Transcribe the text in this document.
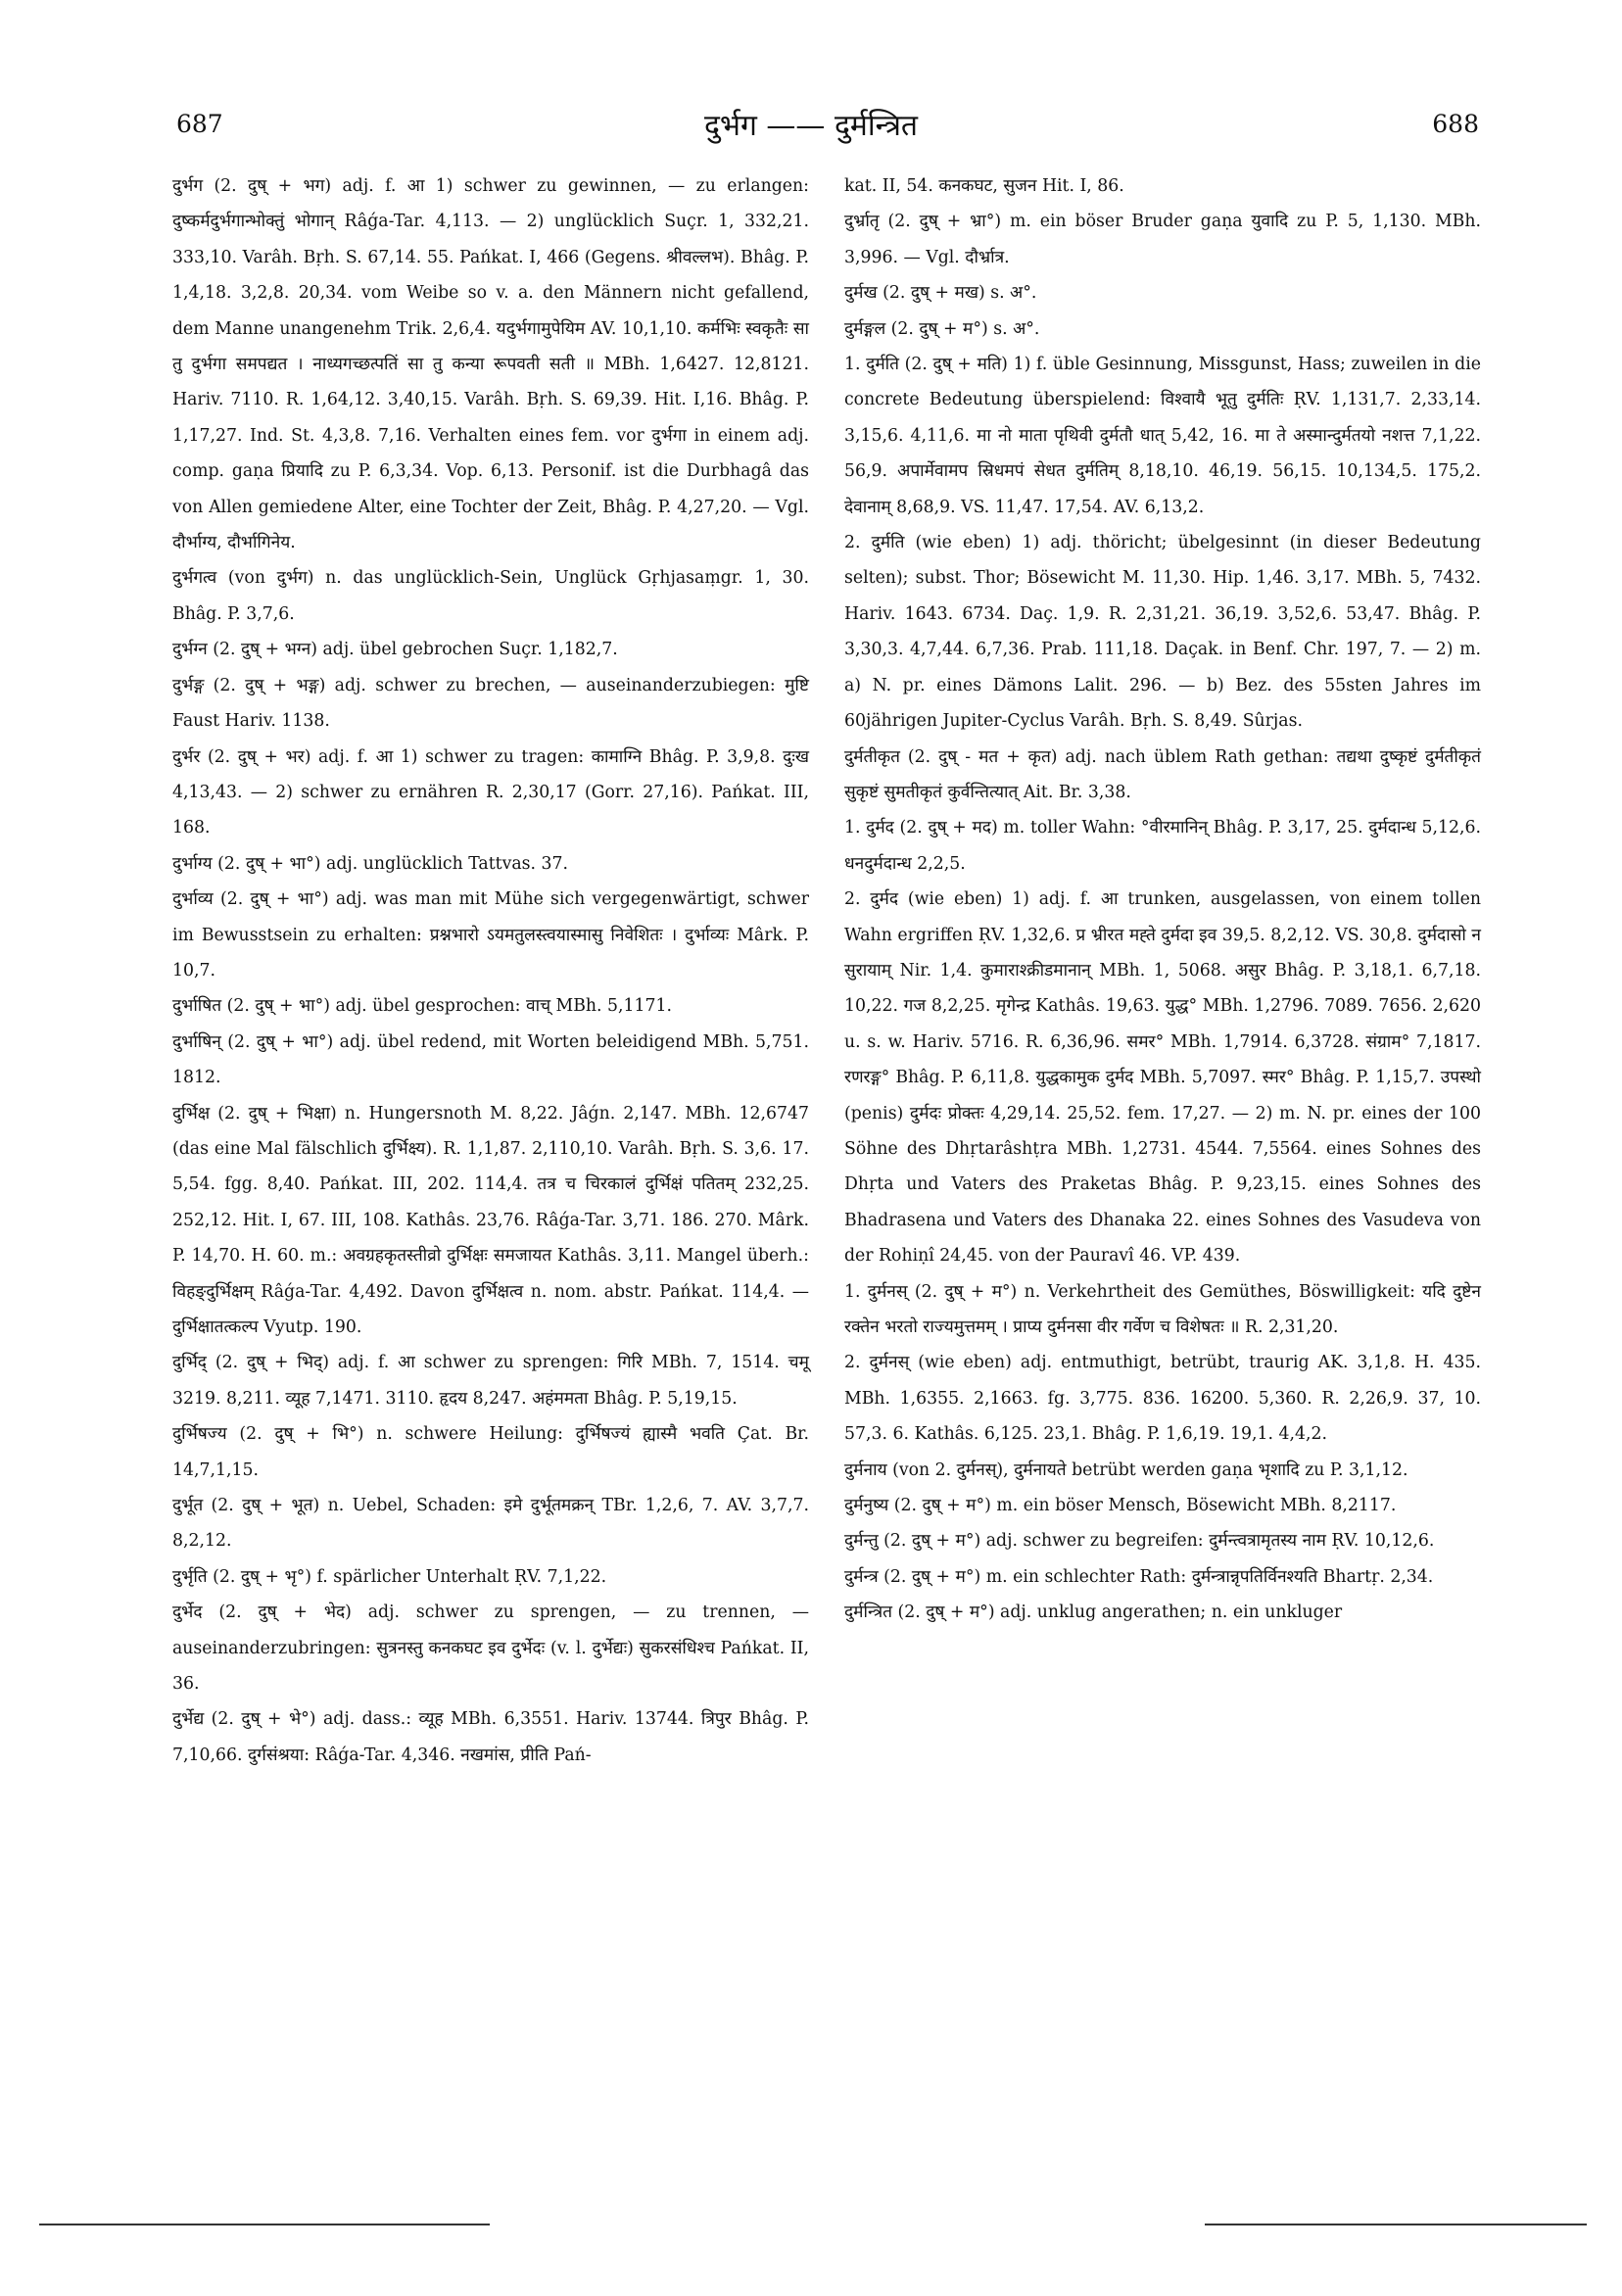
687	दुर्भग —— दुर्मन्त्रित	688

दुर्भग (2. दुष् + भग) adj. f. आ 1) schwer zu gewinnen, — zu erlangen: दुष्कर्मदुर्भगान्भोक्तुं भोगान् Râǵa-Tar. 4,113. — 2) unglücklich Suçr. 1, 332,21. 333,10. Varâh. Bṛh. S. 67,14. 55. Pańkat. I, 466 (Gegens. श्रीवल्लभ). Bhâg. P. 1,4,18. 3,2,8. 20,34. vom Weibe so v. a. den Männern nicht gefallend, dem Manne unangenehm Trik. 2,6,4. यदुर्भगामुपेयिम AV. 10,1,10. कर्मभिः स्वकृतैः सा तु दुर्भगा समपद्यत । नाध्यगच्छत्पतिं सा तु कन्या रूपवती सती ॥ MBh. 1,6427. 12,8121. Hariv. 7110. R. 1,64,12. 3,40,15. Varâh. Bṛh. S. 69,39. Hit. I,16. Bhâg. P. 1,17,27. Ind. St. 4,3,8. 7,16. Verhalten eines fem. vor दुर्भगा in einem adj. comp. gaṇa प्रियादि zu P. 6,3,34. Vop. 6,13. Personif. ist die Durbhagâ das von Allen gemiedene Alter, eine Tochter der Zeit, Bhâg. P. 4,27,20. — Vgl. दौर्भाग्य, दौर्भागिनेय.

दुर्भगत्व (von दुर्भग) n. das unglücklich-Sein, Unglück Gṛhjasaṃgr. 1, 30. Bhâg. P. 3,7,6.

दुर्भग्न (2. दुष् + भग्न) adj. übel gebrochen Suçr. 1,182,7.

दुर्भङ्ग (2. दुष् + भङ्ग) adj. schwer zu brechen, — auseinanderzubiegen: मुष्टि Faust Hariv. 1138.

दुर्भर (2. दुष् + भर) adj. f. आ 1) schwer zu tragen: कामाग्नि Bhâg. P. 3,9,8. दुःख 4,13,43. — 2) schwer zu ernähren R. 2,30,17 (Gorr. 27,16). Pańkat. III, 168.

दुर्भाग्य (2. दुष् + भा°) adj. unglücklich Tattvas. 37.

दुर्भाव्य (2. दुष् + भा°) adj. was man mit Mühe sich vergegenwärtigt, schwer im Bewusstsein zu erhalten: प्रश्नभारो ऽयमतुलस्त्वयास्मासु निवेशितः । दुर्भाव्यः Mârk. P. 10,7.

दुर्भाषित (2. दुष् + भा°) adj. übel gesprochen: वाच् MBh. 5,1171.

दुर्भाषिन् (2. दुष् + भा°) adj. übel redend, mit Worten beleidigend MBh. 5,751. 1812.

दुर्भिक्ष (2. दुष् + भिक्षा) n. Hungersnoth M. 8,22. Jâǵn. 2,147. MBh. 12,6747 (das eine Mal fälschlich दुर्भिक्ष्य). R. 1,1,87. 2,110,10. Varâh. Bṛh. S. 3,6. 17. 5,54. fgg. 8,40. Pańkat. III, 202. 114,4. तत्र च चिरकालं दुर्भिक्षं पतितम् 232,25. 252,12. Hit. I, 67. III, 108. Kathâs. 23,76. Râǵa-Tar. 3,71. 186. 270. Mârk. P. 14,70. H. 60. m.: अवग्रहकृतस्तीव्रो दुर्भिक्षः समजायत Kathâs. 3,11. Mangel überh.: विहङ्दुर्भिक्षम् Râǵa-Tar. 4,492. Davon दुर्भिक्षत्व n. nom. abstr. Pańkat. 114,4. — दुर्भिक्षातत्कल्प Vyutp. 190.

दुर्भिद् (2. दुष् + भिद्) adj. f. आ schwer zu sprengen: गिरि MBh. 7, 1514. चमू 3219. 8,211. व्यूह 7,1471. 3110. हृदय 8,247. अहंममता Bhâg. P. 5,19,15.

दुर्भिषज्य (2. दुष् + भि°) n. schwere Heilung: दुर्भिषज्यं ह्यास्मै भवति Çat. Br. 14,7,1,15.

दुर्भूत (2. दुष् + भूत) n. Uebel, Schaden: इमे दुर्भूतमक्रन् TBr. 1,2,6, 7. AV. 3,7,7. 8,2,12.

दुर्भृति (2. दुष् + भृ°) f. spärlicher Unterhalt ṚV. 7,1,22.

दुर्भेद (2. दुष् + भेद) adj. schwer zu sprengen, — zu trennen, — auseinanderzubringen: सुत्रनस्तु कनकघट इव दुर्भेदः (v. l. दुर्भेद्यः) सुकरसंधिश्च Pańkat. II, 36.

दुर्भेद्य (2. दुष् + भे°) adj. dass.: व्यूह MBh. 6,3551. Hariv. 13744. त्रिपुर Bhâg. P. 7,10,66. दुर्गसंश्रया: Râǵa-Tar. 4,346. नखमांस, प्रीति Pań-

kat. II, 54. कनकघट, सुजन Hit. I, 86.

दुर्भ्रातृ (2. दुष् + भ्रा°) m. ein böser Bruder gaṇa युवादि zu P. 5, 1,130. MBh. 3,996. — Vgl. दौर्भ्रात्र.

दुर्मख (2. दुष् + मख) s. अ°.

दुर्मङ्गल (2. दुष् + म°) s. अ°.

1. दुर्मति (2. दुष् + मति) 1) f. üble Gesinnung, Missgunst, Hass; zuweilen in die concrete Bedeutung überspielend: विश्वायै भूतु दुर्मतिः ṚV. 1,131,7. 2,33,14. 3,15,6. 4,11,6. मा नो माता पृथिवी दुर्मतौ धात् 5,42, 16. मा ते अस्मान्दुर्मतयो नशत्त 7,1,22. 56,9. अपार्मेवामप स्रिधमपं सेधत दुर्मतिम् 8,18,10. 46,19. 56,15. 10,134,5. 175,2. देवानाम् 8,68,9. VS. 11,47. 17,54. AV. 6,13,2.

2. दुर्मति (wie eben) 1) adj. thöricht; übelgesinnt (in dieser Bedeutung selten); subst. Thor; Bösewicht M. 11,30. Hip. 1,46. 3,17. MBh. 5, 7432. Hariv. 1643. 6734. Daç. 1,9. R. 2,31,21. 36,19. 3,52,6. 53,47. Bhâg. P. 3,30,3. 4,7,44. 6,7,36. Prab. 111,18. Daçak. in Benf. Chr. 197, 7. — 2) m. a) N. pr. eines Dämons Lalit. 296. — b) Bez. des 55sten Jahres im 60jährigen Jupiter-Cyclus Varâh. Bṛh. S. 8,49. Sûrjas.

दुर्मतीकृत (2. दुष् - मत + कृत) adj. nach üblem Rath gethan: तद्यथा दुष्कृष्टं दुर्मतीकृतं सुकृष्टं सुमतीकृतं कुर्वन्तित्यात् Ait. Br. 3,38.

1. दुर्मद (2. दुष् + मद) m. toller Wahn: °वीरमानिन् Bhâg. P. 3,17, 25. दुर्मदान्ध 5,12,6. धनदुर्मदान्ध 2,2,5.

2. दुर्मद (wie eben) 1) adj. f. आ trunken, ausgelassen, von einem tollen Wahn ergriffen ṚV. 1,32,6. प्र भ्रीरत मह्ते दुर्मदा इव 39,5. 8,2,12. VS. 30,8. दुर्मदासो न सुरायाम् Nir. 1,4. कुमाराश्क्रीडमानान् MBh. 1, 5068. असुर Bhâg. P. 3,18,1. 6,7,18. 10,22. गज 8,2,25. मृगेन्द्र Kathâs. 19,63. युद्ध° MBh. 1,2796. 7089. 7656. 2,620 u. s. w. Hariv. 5716. R. 6,36,96. समर° MBh. 1,7914. 6,3728. संग्राम° 7,1817. रणरङ्ग° Bhâg. P. 6,11,8. युद्धकामुक दुर्मद MBh. 5,7097. स्मर° Bhâg. P. 1,15,7. उपस्थो (penis) दुर्मदः प्रोक्तः 4,29,14. 25,52. fem. 17,27. — 2) m. N. pr. eines der 100 Söhne des Dhṛtarâshṭra MBh. 1,2731. 4544. 7,5564. eines Sohnes des Dhṛta und Vaters des Praketas Bhâg. P. 9,23,15. eines Sohnes des Bhadrasena und Vaters des Dhanaka 22. eines Sohnes des Vasudeva von der Rohiṇî 24,45. von der Pauravî 46. VP. 439.

1. दुर्मनस् (2. दुष् + म°) n. Verkehrtheit des Gemüthes, Böswilligkeit: यदि दुष्टेन रक्तेन भरतो राज्यमुत्तमम् । प्राप्य दुर्मनसा वीर गर्वेण च विशेषतः ॥ R. 2,31,20.

2. दुर्मनस् (wie eben) adj. entmuthigt, betrübt, traurig AK. 3,1,8. H. 435. MBh. 1,6355. 2,1663. fg. 3,775. 836. 16200. 5,360. R. 2,26,9. 37, 10. 57,3. 6. Kathâs. 6,125. 23,1. Bhâg. P. 1,6,19. 19,1. 4,4,2.

दुर्मनाय (von 2. दुर्मनस्), दुर्मनायते betrübt werden gaṇa भृशादि zu P. 3,1,12.

दुर्मनुष्य (2. दुष् + म°) m. ein böser Mensch, Bösewicht MBh. 8,2117.

दुर्मन्तु (2. दुष् + म°) adj. schwer zu begreifen: दुर्मन्त्वत्रामृतस्य नाम ṚV. 10,12,6.

दुर्मन्त्र (2. दुष् + म°) m. ein schlechter Rath: दुर्मन्त्रान्नृपतिर्विनश्यति Bhartṛ. 2,34.

दुर्मन्त्रित (2. दुष् + म°) adj. unklug angerathen; n. ein unkluger
